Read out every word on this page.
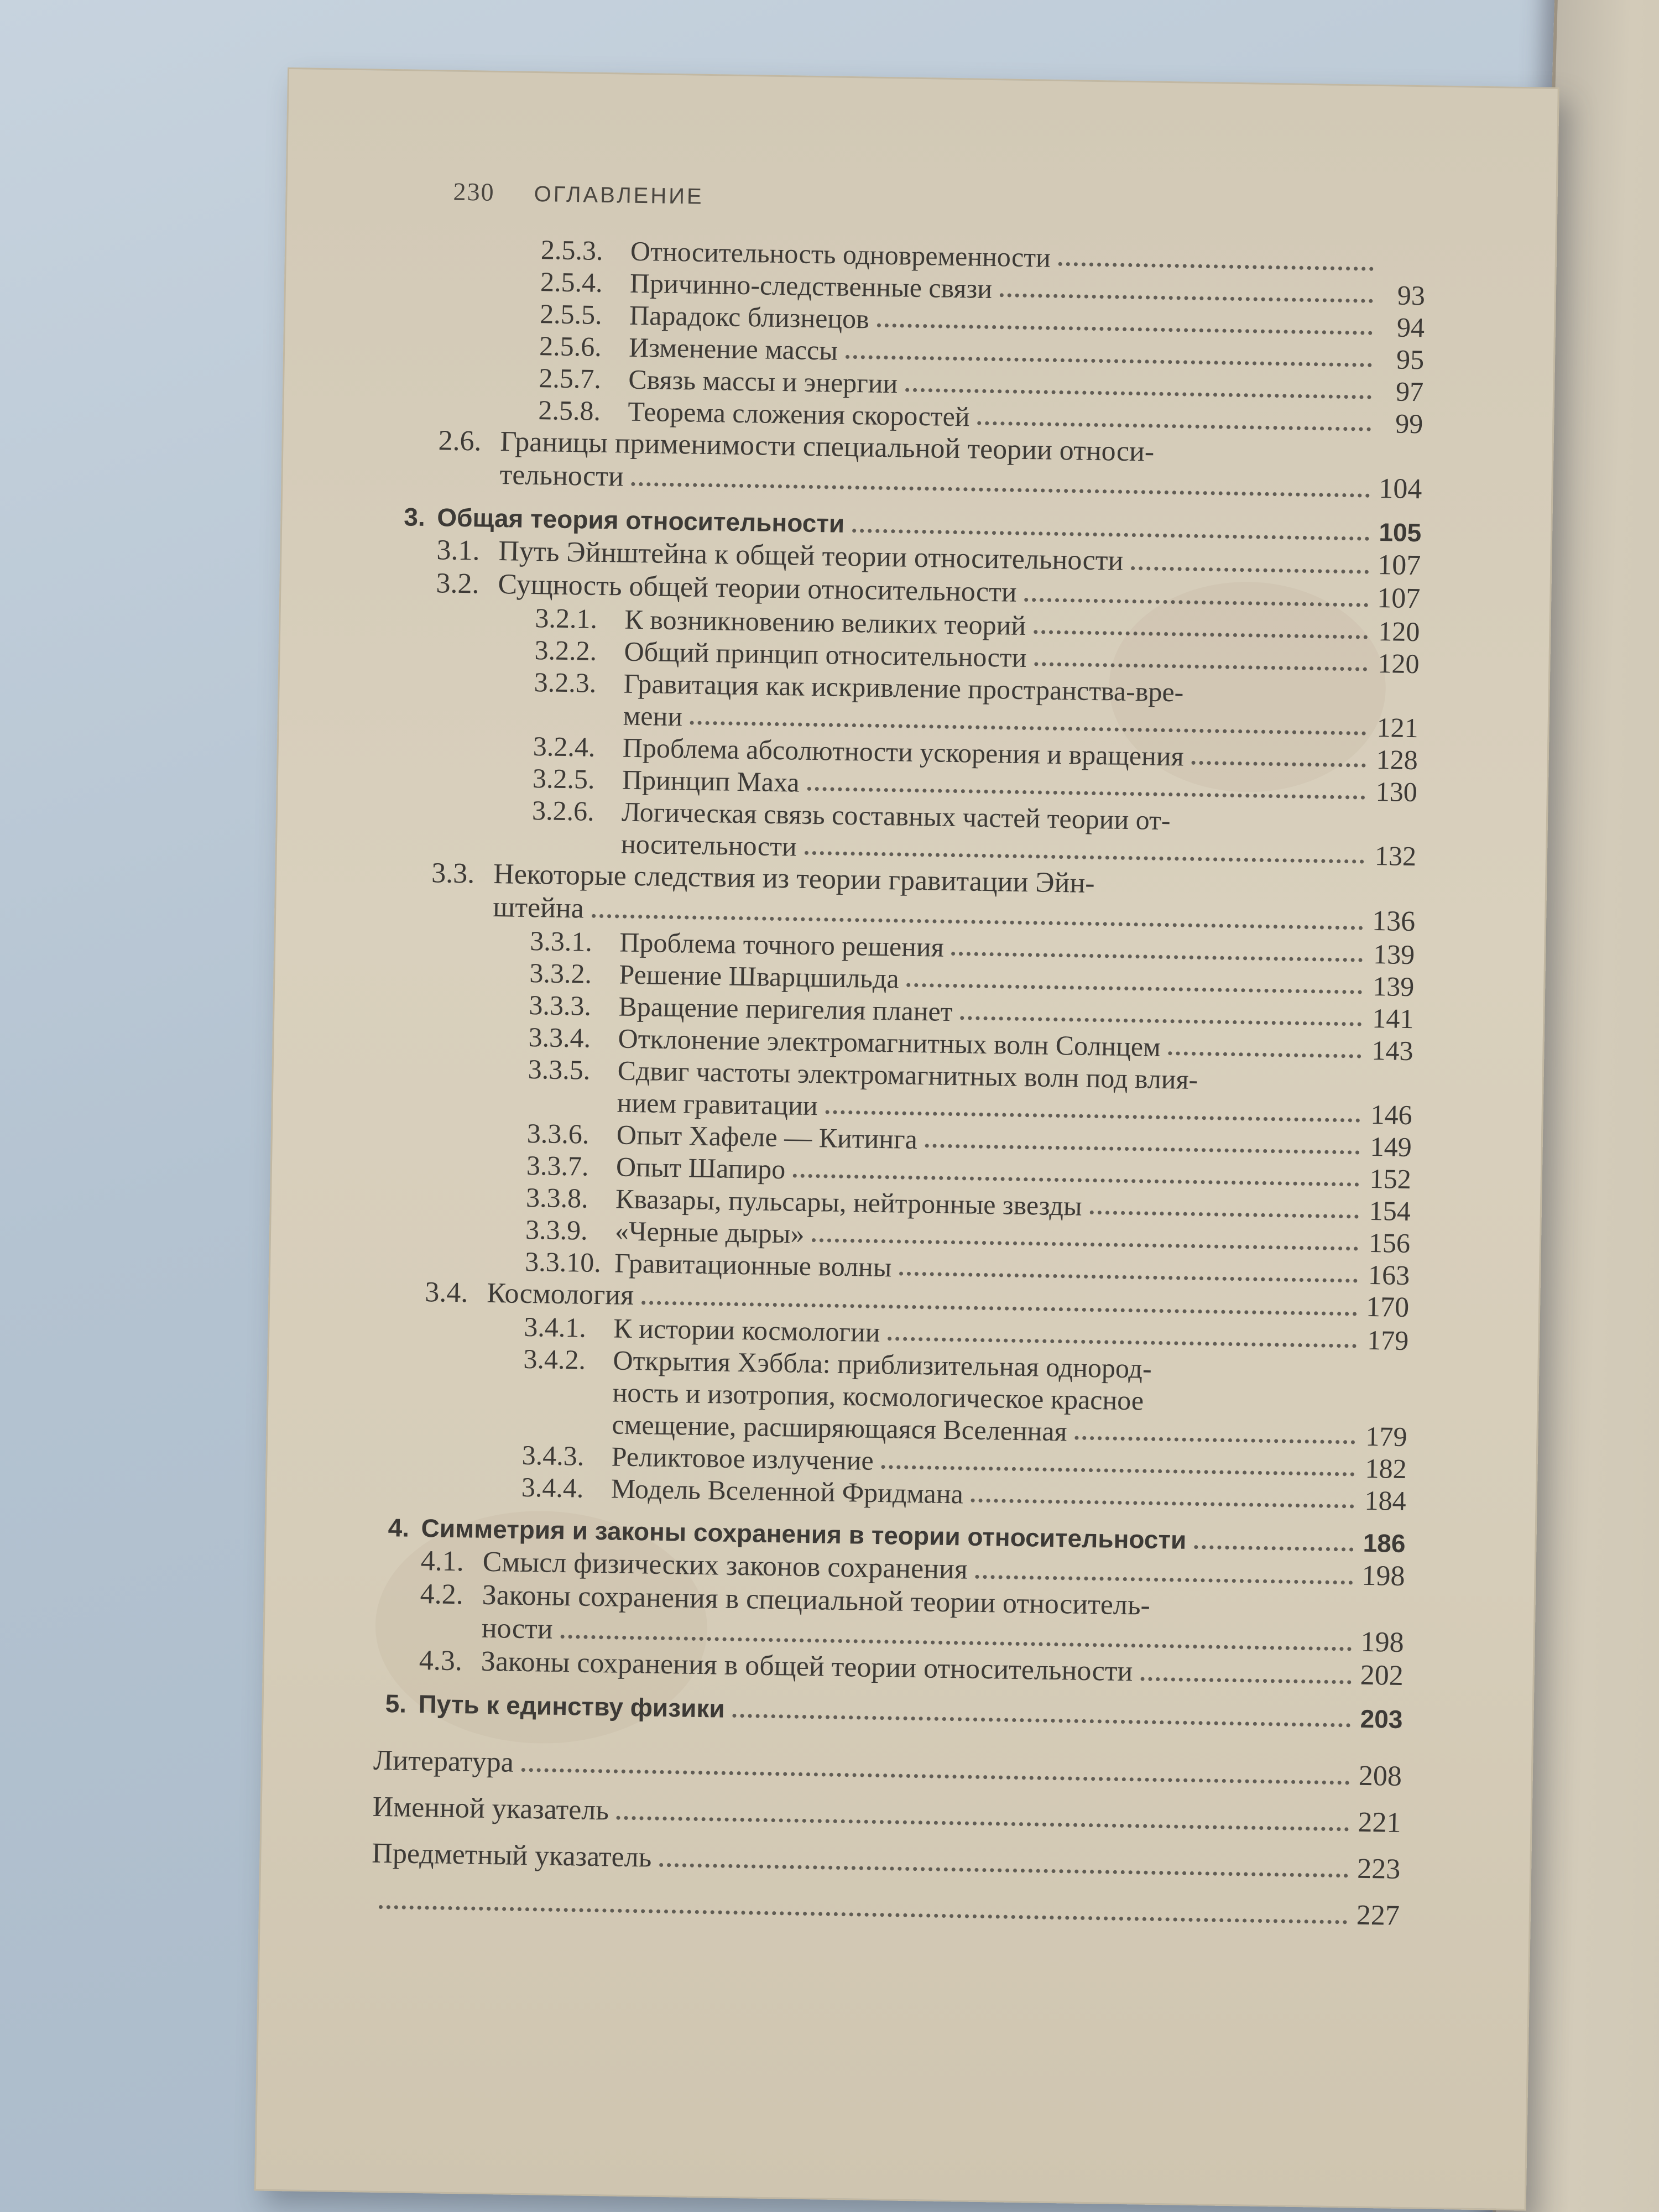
230 ОГЛАВЛЕНИЕ
2.5.3. Относительность одновременности
2.5.4. Причинно-следственные связи	93
2.5.5. Парадокс близнецов	94
2.5.6. Изменение массы	95
2.5.7. Связь массы и энергии	97
2.5.8. Теорема сложения скоростей	99
2.6. Границы применимости специальной теории относи-
тельности	104
3. Общая теория относительности	105
3.1. Путь Эйнштейна к общей теории относительности	107
3.2. Сущность общей теории относительности	107
3.2.1. К возникновению великих теорий	120
3.2.2. Общий принцип относительности	120
3.2.3. Гравитация как искривление пространства-вре-
мени	121
3.2.4. Проблема абсолютности ускорения и вращения	128
3.2.5. Принцип Маха	130
3.2.6. Логическая связь составных частей теории от-
носительности	132
3.3. Некоторые следствия из теории гравитации Эйн-
штейна	136
3.3.1. Проблема точного решения	139
3.3.2. Решение Шварцшильда	139
3.3.3. Вращение перигелия планет	141
3.3.4. Отклонение электромагнитных волн Солнцем	143
3.3.5. Сдвиг частоты электромагнитных волн под влия-
нием гравитации	146
3.3.6. Опыт Хафеле — Китинга	149
3.3.7. Опыт Шапиро	152
3.3.8. Квазары, пульсары, нейтронные звезды	154
3.3.9. «Черные дыры»	156
3.3.10. Гравитационные волны	163
3.4. Космология	170
3.4.1. К истории космологии	179
3.4.2. Открытия Хэббла: приблизительная однород-
ность и изотропия, космологическое красное
смещение, расширяющаяся Вселенная	179
3.4.3. Реликтовое излучение	182
3.4.4. Модель Вселенной Фридмана	184
4. Симметрия и законы сохранения в теории относительности	186
4.1. Смысл физических законов сохранения	198
4.2. Законы сохранения в специальной теории относитель-
ности	198
4.3. Законы сохранения в общей теории относительности	202
5. Путь к единству физики	203
Литература	208
Именной указатель	221
Предметный указатель	223
227
